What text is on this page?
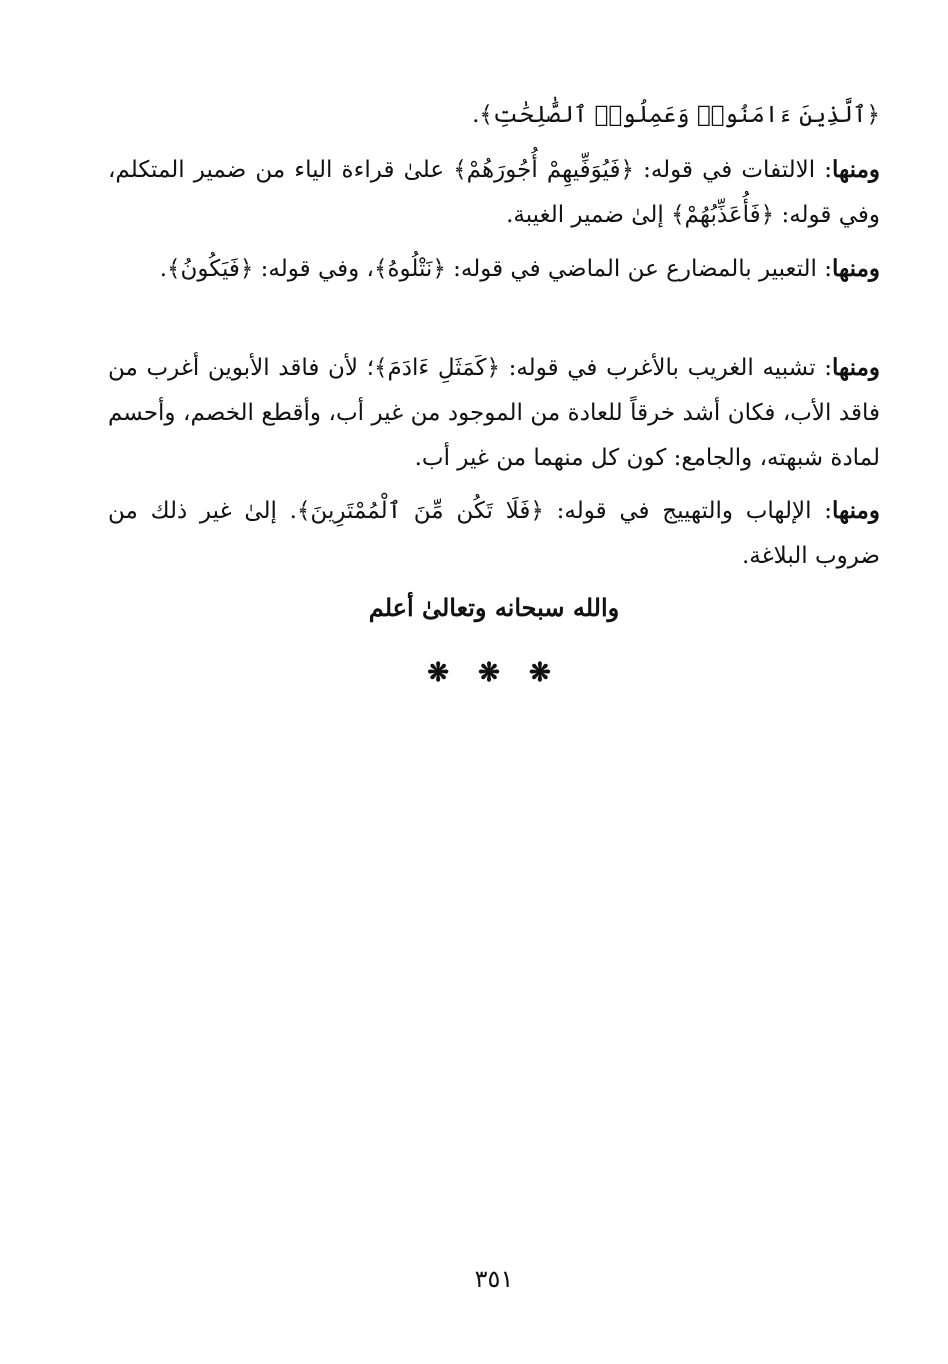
﴿ٱلَّذِينَ ءَامَنُوا۟ وَعَمِلُوا۟ ٱلصَّٰلِحَٰتِ﴾.

ومنها: الالتفات في قوله: ﴿فَيُوَفِّيهِمْ أُجُورَهُمْ﴾ علىٰ قراءة الياء من ضمير المتكلم، وفي قوله: ﴿فَأُعَذِّبُهُمْ﴾ إلىٰ ضمير الغيبة.

ومنها: التعبير بالمضارع عن الماضي في قوله: ﴿نَتْلُوهُ﴾، وفي قوله: ﴿فَيَكُونُ﴾.

ومنها: تشبيه الغريب بالأغرب في قوله: ﴿كَمَثَلِ ءَادَمَ﴾؛ لأن فاقد الأبوين أغرب من فاقد الأب، فكان أشد خرقاً للعادة من الموجود من غير أب، وأقطع الخصم، وأحسم لمادة شبهته، والجامع: كون كل منهما من غير أب.

ومنها: الإلهاب والتهييج في قوله: ﴿فَلَا تَكُن مِّنَ ٱلْمُمْتَرِينَ﴾. إلىٰ غير ذلك من ضروب البلاغة.

والله سبحانه وتعالىٰ أعلم
❋ ❋ ❋
٣٥١
